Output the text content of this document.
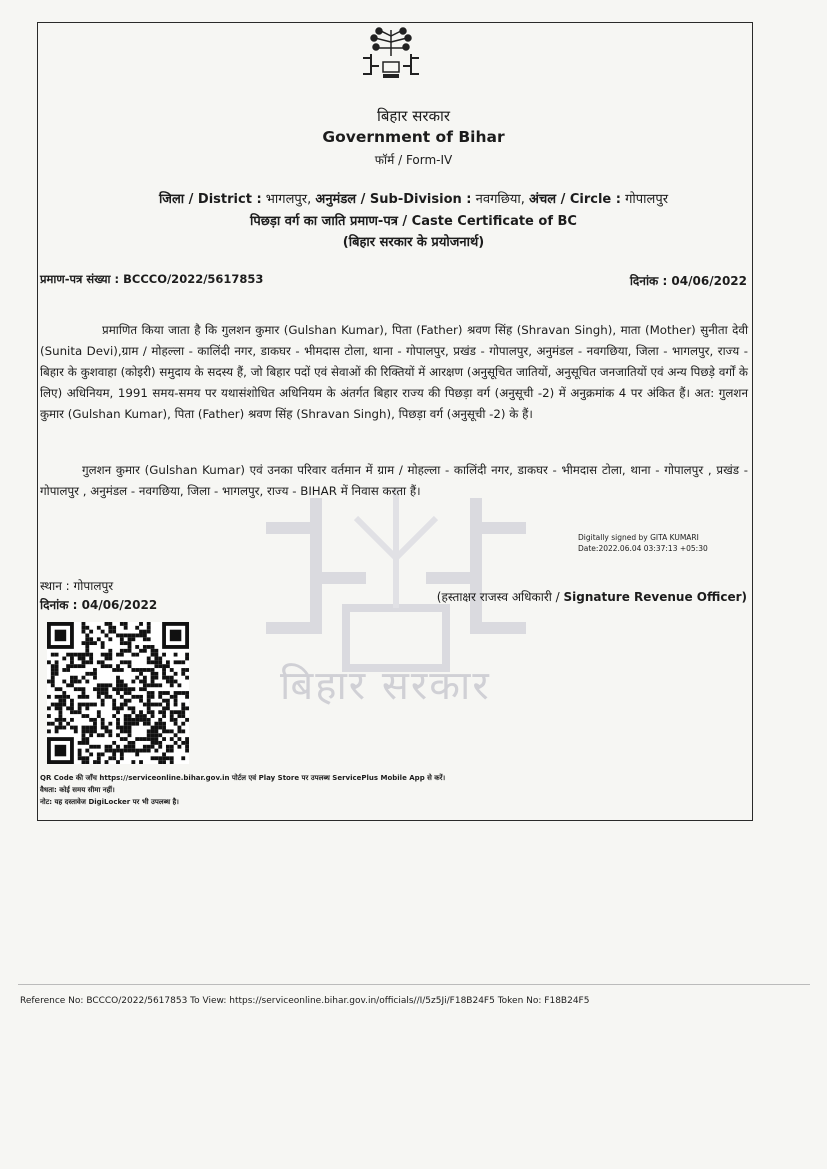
बिहार सरकार
बिहार सरकार
Government of Bihar
फॉर्म / Form-IV
जिला / District : भागलपुर, अनुमंडल / Sub-Division : नवगछिया, अंचल / Circle : गोपालपुर
पिछड़ा वर्ग का जाति प्रमाण-पत्र / Caste Certificate of BC
(बिहार सरकार के प्रयोजनार्थ)
प्रमाण-पत्र संख्या : BCCCO/2022/5617853	दिनांक : 04/06/2022

प्रमाणित किया जाता है कि गुलशन कुमार (Gulshan Kumar), पिता (Father) श्रवण सिंह (Shravan Singh), माता (Mother) सुनीता देवी (Sunita Devi),ग्राम / मोहल्ला - कालिंदी नगर, डाकघर - भीमदास टोला, थाना - गोपालपुर, प्रखंड - गोपालपुर, अनुमंडल - नवगछिया, जिला - भागलपुर, राज्य - बिहार के कुशवाहा (कोइरी) समुदाय के सदस्य हैं, जो बिहार पदों एवं सेवाओं की रिक्तियों में आरक्षण (अनुसूचित जातियों, अनुसूचित जनजातियों एवं अन्य पिछड़े वर्गों के लिए) अधिनियम, 1991 समय-समय पर यथासंशोधित अधिनियम के अंतर्गत बिहार राज्य की पिछड़ा वर्ग (अनुसूची -2) में अनुक्रमांक 4 पर अंकित हैं। अत: गुलशन कुमार (Gulshan Kumar), पिता (Father) श्रवण सिंह (Shravan Singh), पिछड़ा वर्ग (अनुसूची -2) के हैं।

गुलशन कुमार (Gulshan Kumar) एवं उनका परिवार वर्तमान में ग्राम / मोहल्ला - कालिंदी नगर, डाकघर - भीमदास टोला, थाना - गोपालपुर , प्रखंड - गोपालपुर , अनुमंडल - नवगछिया, जिला - भागलपुर, राज्य - BIHAR में निवास करता हैं।

Digitally signed by GITA KUMARI
Date:2022.06.04 03:37:13 +05:30
स्थान : गोपालपुर
दिनांक : 04/06/2022
(हस्ताक्षर राजस्व अधिकारी / Signature Revenue Officer)
QR Code की जाँच https://serviceonline.bihar.gov.in पोर्टल एवं Play Store पर उपलब्ध ServicePlus Mobile App से करें।
वैधता: कोई समय सीमा नहीं।
नोट: यह दस्तावेज DigiLocker पर भी उपलब्ध है।
Reference No: BCCCO/2022/5617853 To View: https://serviceonline.bihar.gov.in/officials//I/5z5Ji/F18B24F5 Token No: F18B24F5
